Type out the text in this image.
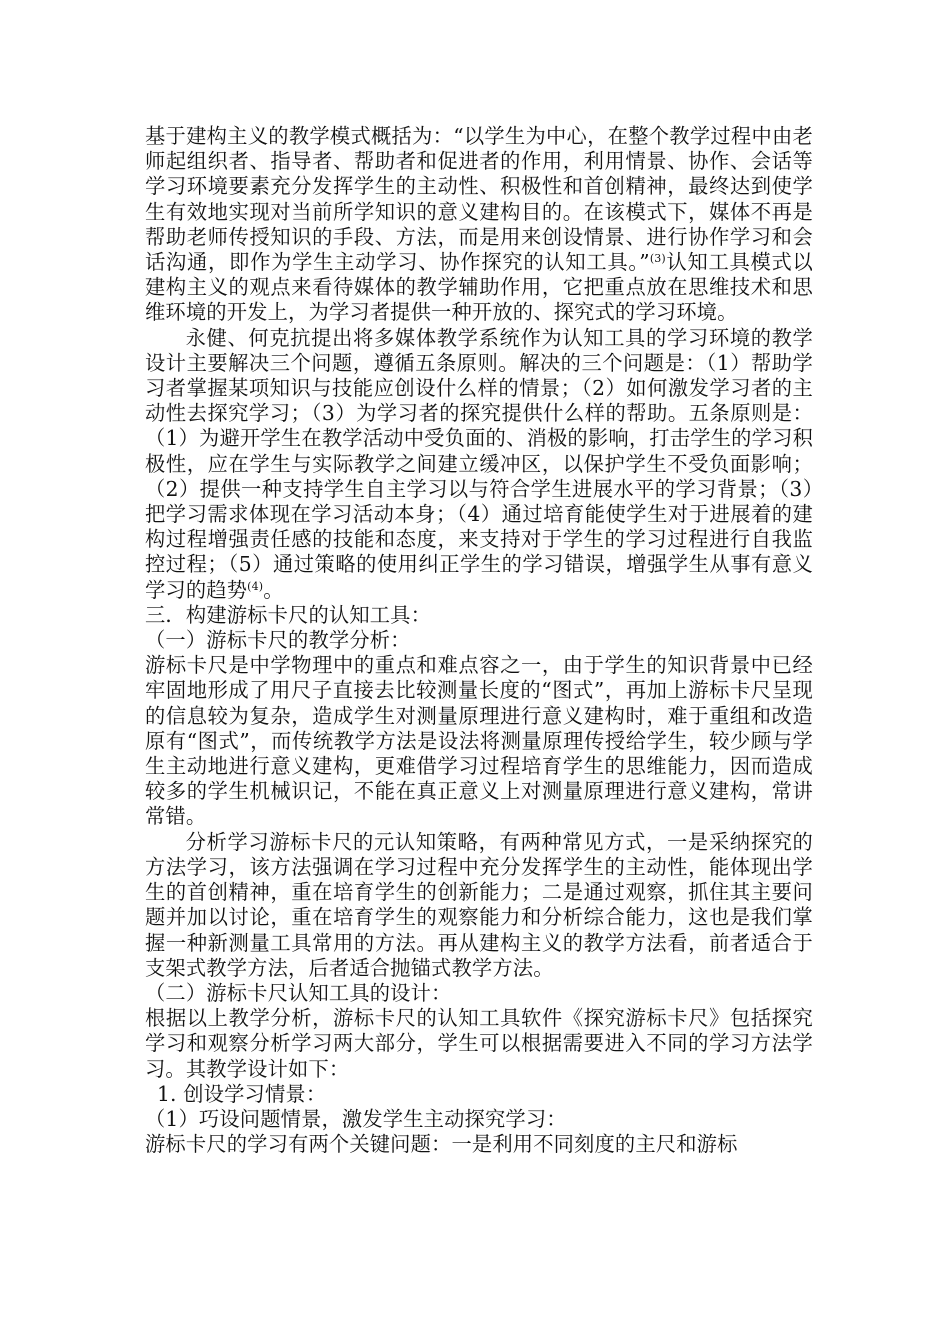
基于建构主义的教学模式概括为：“以学生为中心，在整个教学过程中由老师起组织者、指导者、帮助者和促进者的作用，利用情景、协作、会话等学习环境要素充分发挥学生的主动性、积极性和首创精神，最终达到使学生有效地实现对当前所学知识的意义建构目的。在该模式下，媒体不再是帮助老师传授知识的手段、方法，而是用来创设情景、进行协作学习和会话沟通，即作为学生主动学习、协作探究的认知工具。”$^{(3)}$认知工具模式以建构主义的观点来看待媒体的教学辅助作用，它把重点放在思维技术和思维环境的开发上，为学习者提供一种开放的、探究式的学习环境。

永健、何克抗提出将多媒体教学系统作为认知工具的学习环境的教学设计主要解决三个问题，遵循五条原则。解决的三个问题是：（1）帮助学习者掌握某项知识与技能应创设什么样的情景；（2）如何激发学习者的主动性去探究学习；（3）为学习者的探究提供什么样的帮助。五条原则是：（1）为避开学生在教学活动中受负面的、消极的影响，打击学生的学习积极性，应在学生与实际教学之间建立缓冲区，以保护学生不受负面影响；（2）提供一种支持学生自主学习以与符合学生进展水平的学习背景；（3）把学习需求体现在学习活动本身；（4）通过培育能使学生对于进展着的建构过程增强责任感的技能和态度，来支持对于学生的学习过程进行自我监控过程；（5）通过策略的使用纠正学生的学习错误，增强学生从事有意义学习的趋势$^{(4)}$。

三．构建游标卡尺的认知工具：

（一）游标卡尺的教学分析：

游标卡尺是中学物理中的重点和难点容之一，由于学生的知识背景中已经牢固地形成了用尺子直接去比较测量长度的“图式”，再加上游标卡尺呈现的信息较为复杂，造成学生对测量原理进行意义建构时，难于重组和改造原有“图式”，而传统教学方法是设法将测量原理传授给学生，较少顾与学生主动地进行意义建构，更难借学习过程培育学生的思维能力，因而造成较多的学生机械识记，不能在真正意义上对测量原理进行意义建构，常讲常错。

分析学习游标卡尺的元认知策略，有两种常见方式，一是采纳探究的方法学习，该方法强调在学习过程中充分发挥学生的主动性，能体现出学生的首创精神，重在培育学生的创新能力；二是通过观察，抓住其主要问题并加以讨论，重在培育学生的观察能力和分析综合能力，这也是我们掌握一种新测量工具常用的方法。再从建构主义的教学方法看，前者适合于支架式教学方法，后者适合抛锚式教学方法。

（二）游标卡尺认知工具的设计：

根据以上教学分析，游标卡尺的认知工具软件《探究游标卡尺》包括探究学习和观察分析学习两大部分，学生可以根据需要进入不同的学习方法学习。其教学设计如下：

1. 创设学习情景：

（1）巧设问题情景，激发学生主动探究学习：

游标卡尺的学习有两个关键问题：一是利用不同刻度的主尺和游标
